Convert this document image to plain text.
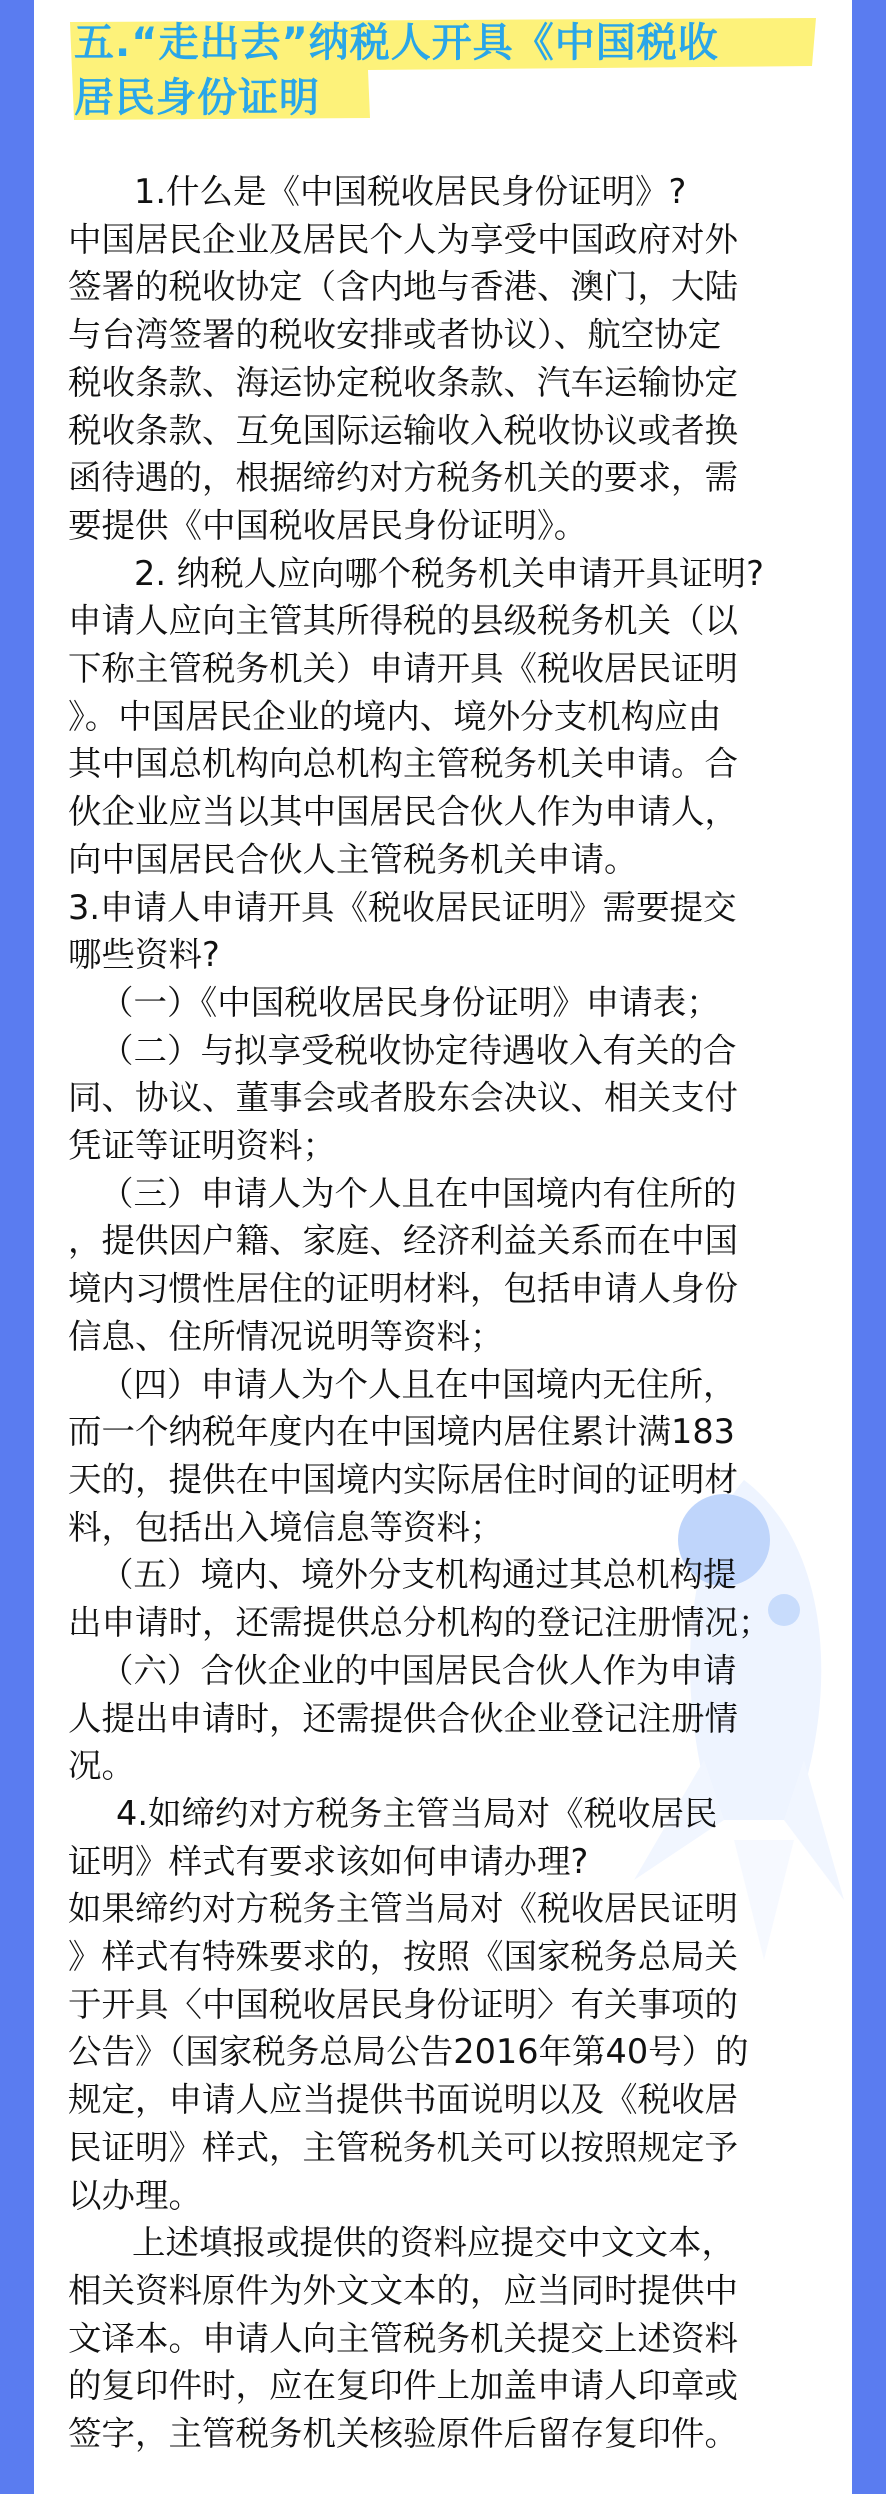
五.“走出去”纳税人开具《中国税收
居民身份证明

1.什么是《中国税收居民身份证明》?

中国居民企业及居民个人为享受中国政府对外

签署的税收协定（含内地与香港、澳门，大陆

与台湾签署的税收安排或者协议）、航空协定

税收条款、海运协定税收条款、汽车运输协定

税收条款、互免国际运输收入税收协议或者换

函待遇的，根据缔约对方税务机关的要求，需

要提供《中国税收居民身份证明》。

2. 纳税人应向哪个税务机关申请开具证明?

申请人应向主管其所得税的县级税务机关（以

下称主管税务机关）申请开具《税收居民证明

》。中国居民企业的境内、境外分支机构应由

其中国总机构向总机构主管税务机关申请。合

伙企业应当以其中国居民合伙人作为申请人，

向中国居民合伙人主管税务机关申请。

3.申请人申请开具《税收居民证明》需要提交

哪些资料?

（一）《中国税收居民身份证明》申请表；

（二）与拟享受税收协定待遇收入有关的合

同、协议、董事会或者股东会决议、相关支付

凭证等证明资料；

（三）申请人为个人且在中国境内有住所的

，提供因户籍、家庭、经济利益关系而在中国

境内习惯性居住的证明材料，包括申请人身份

信息、住所情况说明等资料；

（四）申请人为个人且在中国境内无住所，

而一个纳税年度内在中国境内居住累计满183

天的，提供在中国境内实际居住时间的证明材

料，包括出入境信息等资料；

（五）境内、境外分支机构通过其总机构提

出申请时，还需提供总分机构的登记注册情况；

（六）合伙企业的中国居民合伙人作为申请

人提出申请时，还需提供合伙企业登记注册情

况。

4.如缔约对方税务主管当局对《税收居民

证明》样式有要求该如何申请办理?

如果缔约对方税务主管当局对《税收居民证明

》样式有特殊要求的，按照《国家税务总局关

于开具〈中国税收居民身份证明〉有关事项的

公告》（国家税务总局公告2016年第40号）的

规定，申请人应当提供书面说明以及《税收居

民证明》样式，主管税务机关可以按照规定予

以办理。

上述填报或提供的资料应提交中文文本，

相关资料原件为外文文本的，应当同时提供中

文译本。申请人向主管税务机关提交上述资料

的复印件时，应在复印件上加盖申请人印章或

签字，主管税务机关核验原件后留存复印件。
